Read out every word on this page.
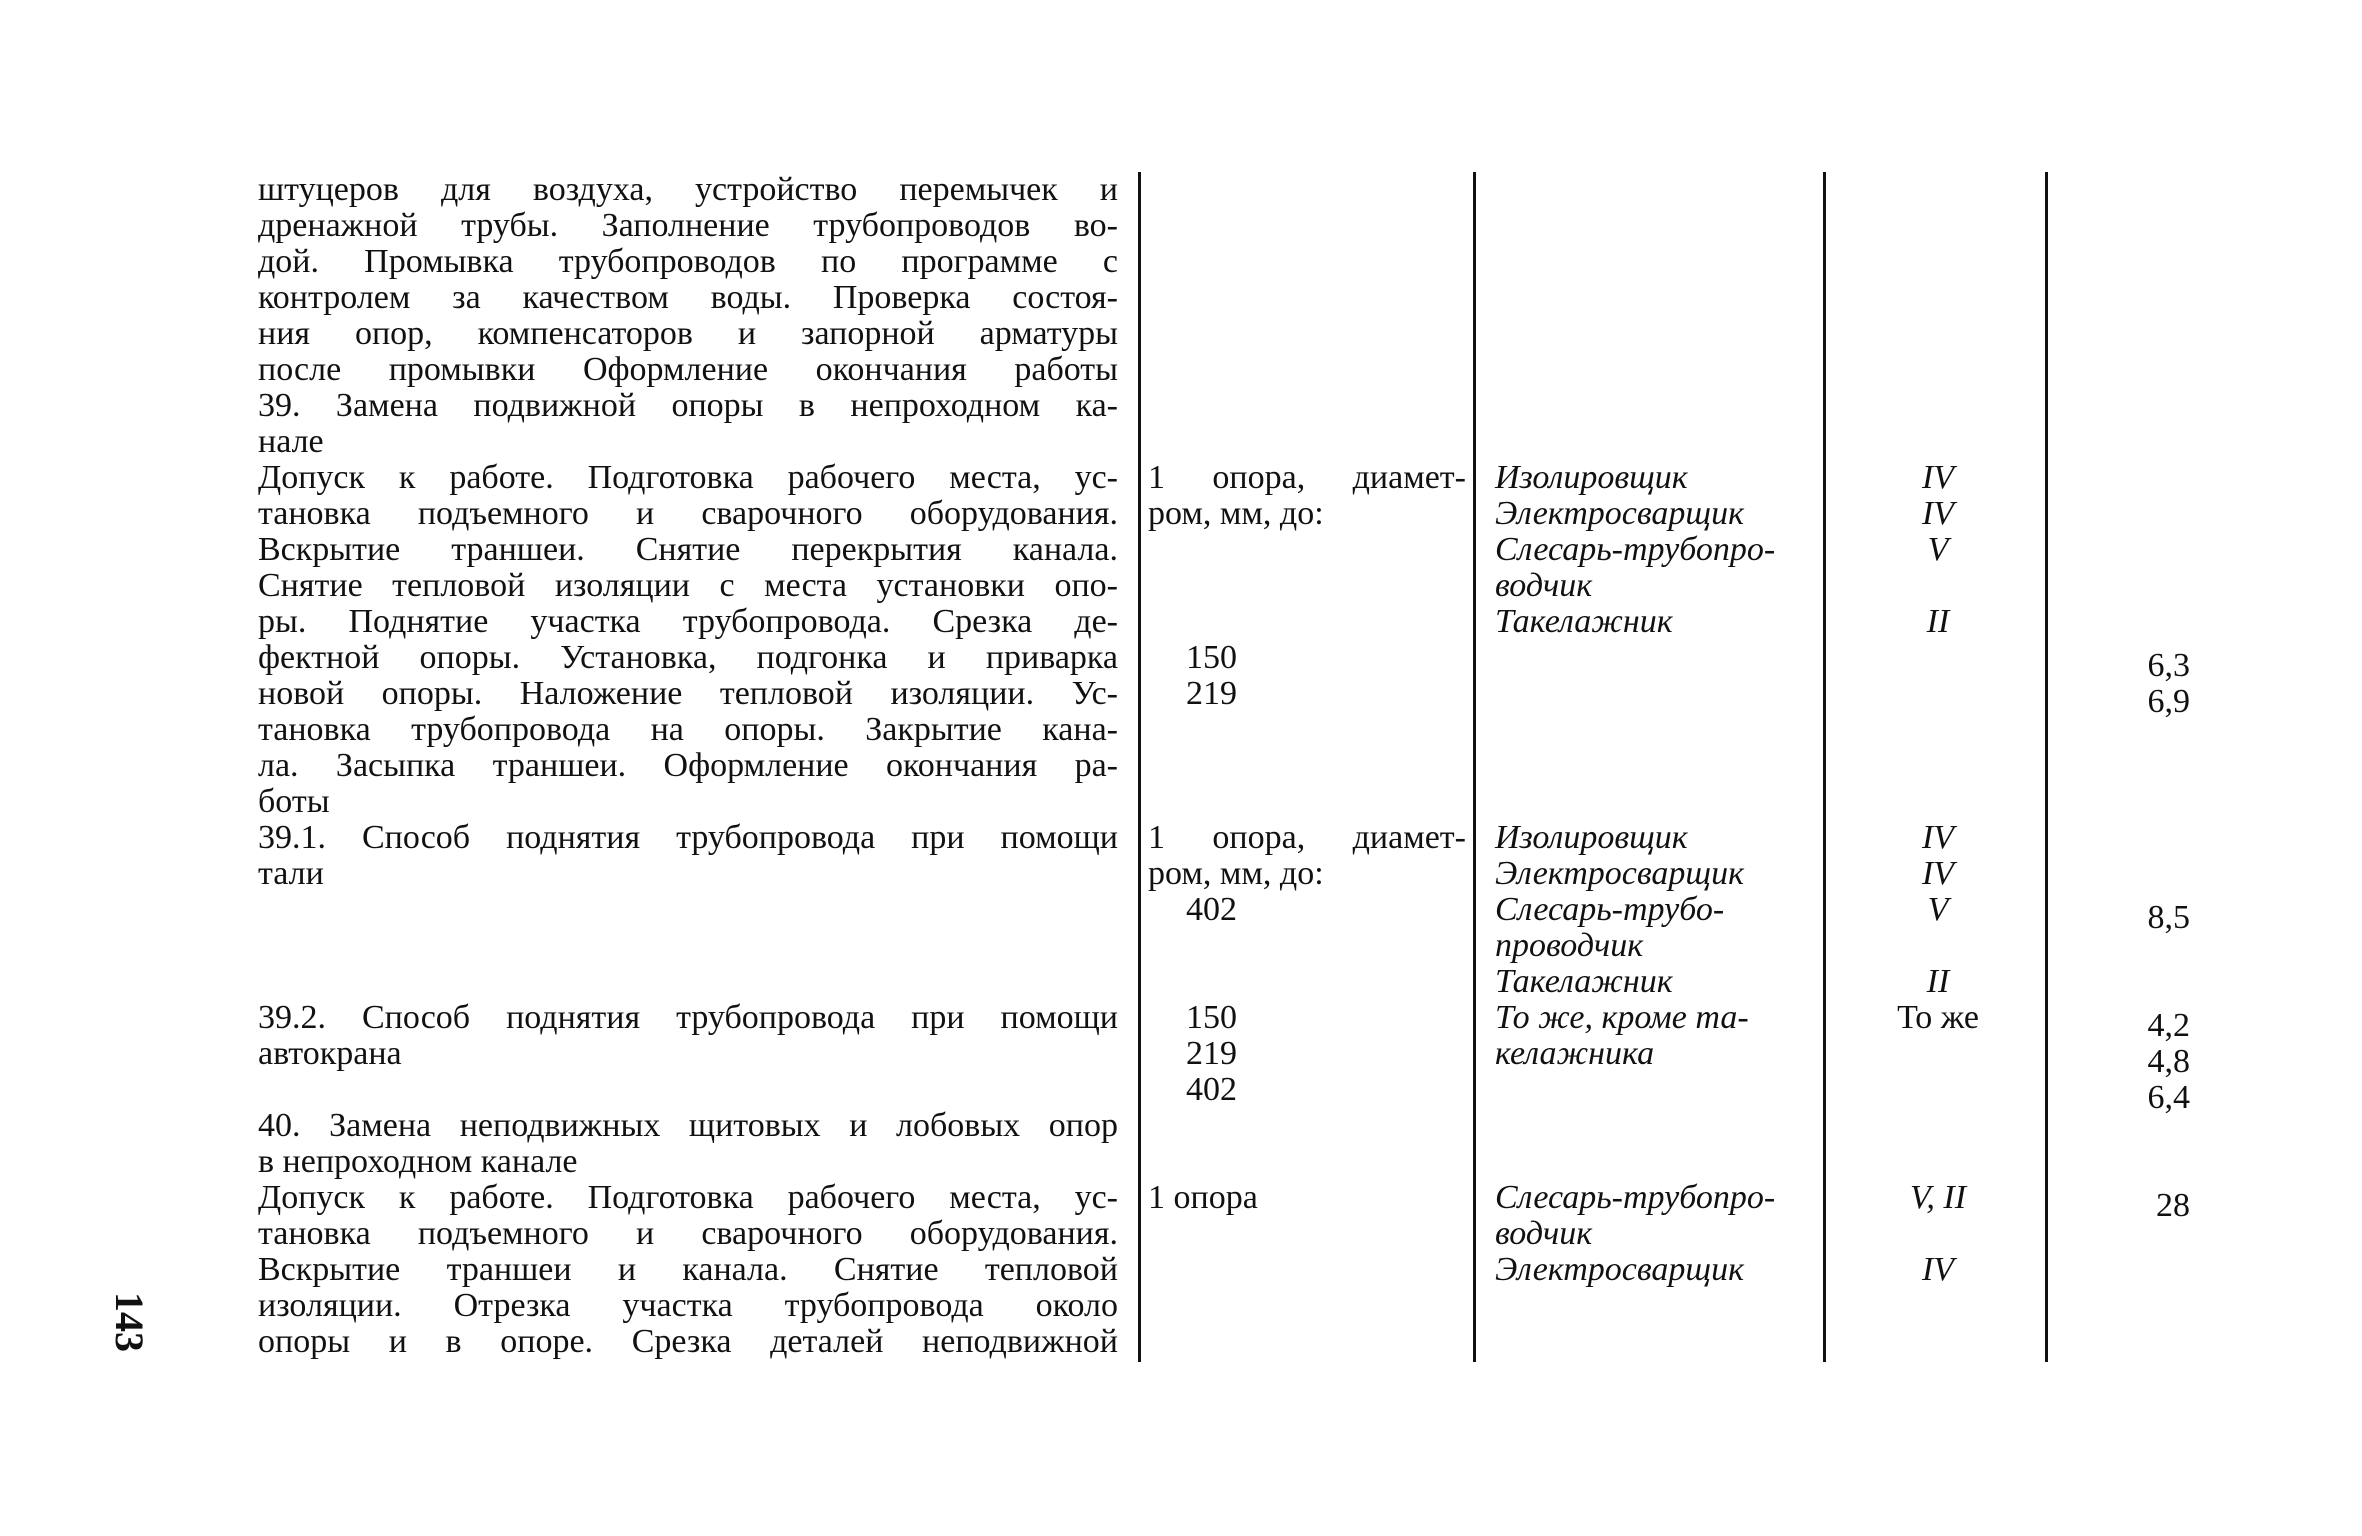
штуцеров для воздуха, устройство перемычек и
дренажной трубы. Заполнение трубопроводов во-
дой. Промывка трубопроводов по программе с
контролем за качеством воды. Проверка состоя-
ния опор, компенсаторов и запорной арматуры
после промывки Оформление окончания работы
39. Замена подвижной опоры в непроходном ка-
нале
Допуск к работе. Подготовка рабочего места, ус-
тановка подъемного и сварочного оборудования.
Вскрытие траншеи. Снятие перекрытия канала.
Снятие тепловой изоляции с места установки опо-
ры. Поднятие участка трубопровода. Срезка де-
фектной опоры. Установка, подгонка и приварка
новой опоры. Наложение тепловой изоляции. Ус-
тановка трубопровода на опоры. Закрытие кана-
ла. Засыпка траншеи. Оформление окончания ра-
боты
39.1. Способ поднятия трубопровода при помощи
тали
39.2. Способ поднятия трубопровода при помощи
автокрана
40. Замена неподвижных щитовых и лобовых опор
в непроходном канале
Допуск к работе. Подготовка рабочего места, ус-
тановка подъемного и сварочного оборудования.
Вскрытие траншеи и канала. Снятие тепловой
изоляции. Отрезка участка трубопровода около
опоры и в опоре. Срезка деталей неподвижной
1 опора, диамет-
ром, мм, до:
150
219
1 опора, диамет-
ром, мм, до:
402
150
219
402
1 опора
Изолировщик
Электросварщик
Слесарь-трубопро-
водчик
Такелажник
Изолировщик
Электросварщик
Слесарь-трубо-
проводчик
Такелажник
То же, кроме та-
келажника
Слесарь-трубопро-
водчик
Электросварщик
IV
IV
V
II
IV
IV
V
II
То же
V, II
IV
6,3
6,9
8,5
4,2
4,8
6,4
28
143
